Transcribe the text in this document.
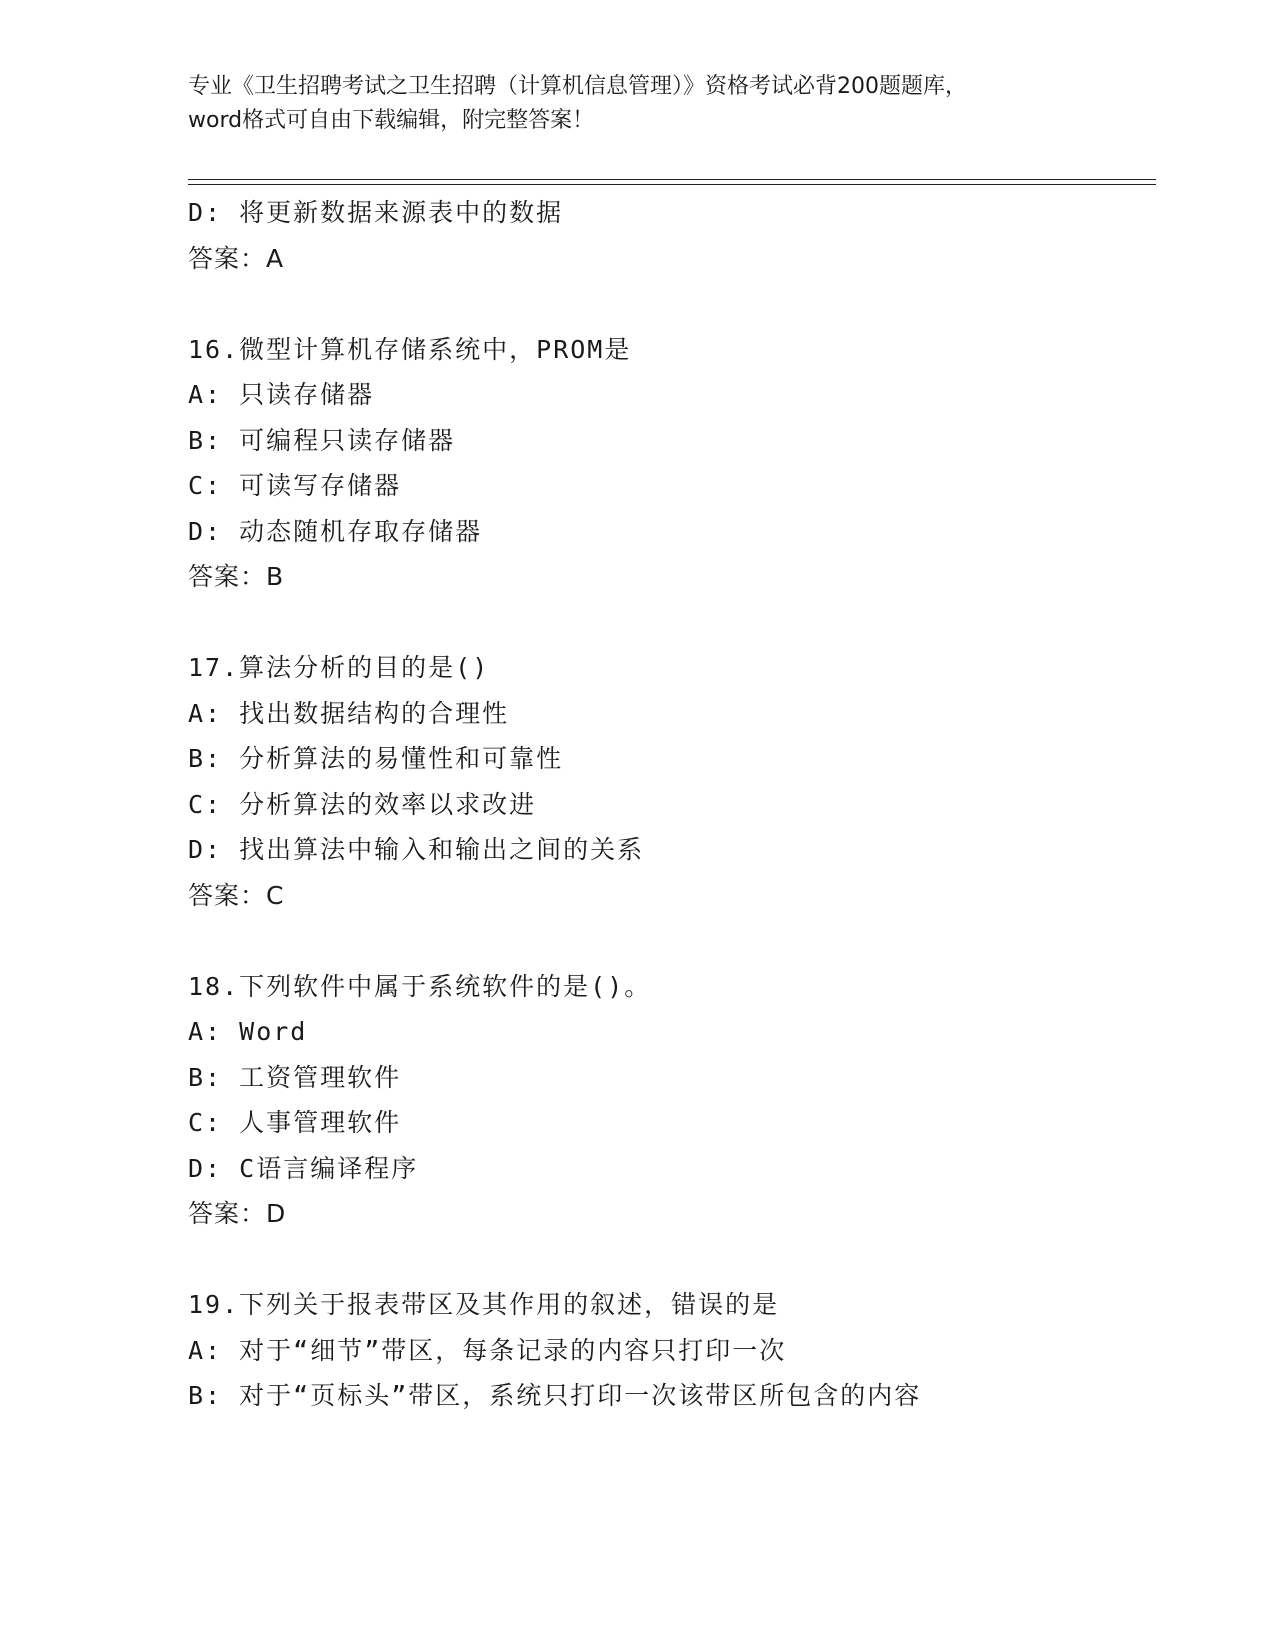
专业《卫生招聘考试之卫生招聘（计算机信息管理）》资格考试必背200题题库，
word格式可自由下载编辑，附完整答案！
D: 将更新数据来源表中的数据
答案：A
16.微型计算机存储系统中，PROM是
A: 只读存储器
B: 可编程只读存储器
C: 可读写存储器
D: 动态随机存取存储器
答案：B
17.算法分析的目的是()
A: 找出数据结构的合理性
B: 分析算法的易懂性和可靠性
C: 分析算法的效率以求改进
D: 找出算法中输入和输出之间的关系
答案：C
18.下列软件中属于系统软件的是()。
A: Word
B: 工资管理软件
C: 人事管理软件
D: C语言编译程序
答案：D
19.下列关于报表带区及其作用的叙述，错误的是
A: 对于“细节”带区，每条记录的内容只打印一次
B: 对于“页标头”带区，系统只打印一次该带区所包含的内容
